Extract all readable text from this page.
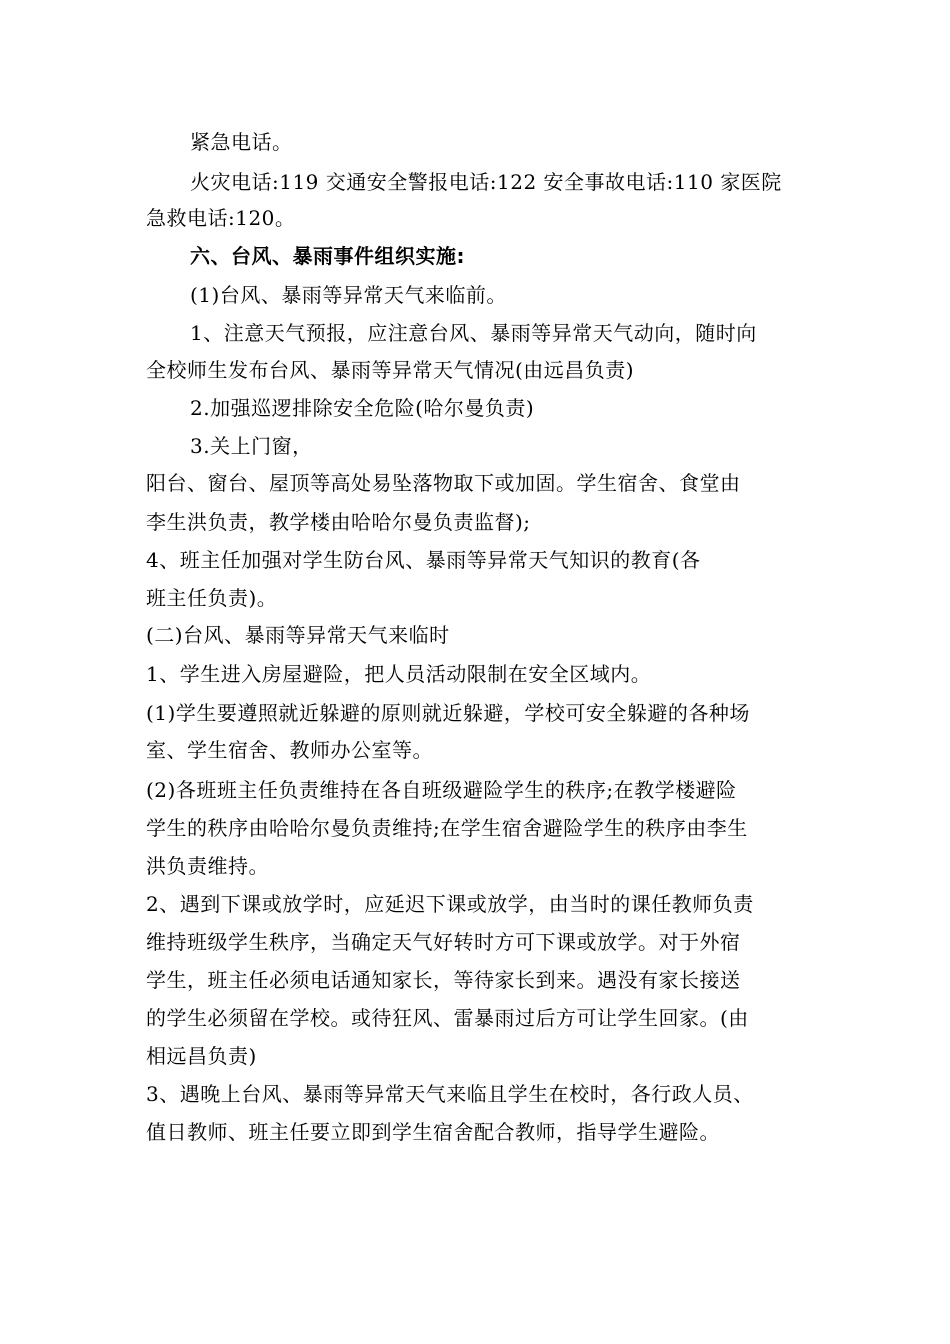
紧急电话。
火灾电话:119 交通安全警报电话:122 安全事故电话:110 家医院
急救电话:120。
六、台风、暴雨事件组织实施:
(1)台风、暴雨等异常天气来临前。
1、注意天气预报，应注意台风、暴雨等异常天气动向，随时向
全校师生发布台风、暴雨等异常天气情况(由远昌负责)
2.加强巡逻排除安全危险(哈尔曼负责)
3.关上门窗，
阳台、窗台、屋顶等高处易坠落物取下或加固。学生宿舍、食堂由
李生洪负责，教学楼由哈哈尔曼负责监督);
4、班主任加强对学生防台风、暴雨等异常天气知识的教育(各
班主任负责)。
(二)台风、暴雨等异常天气来临时
1、学生进入房屋避险，把人员活动限制在安全区域内。
(1)学生要遵照就近躲避的原则就近躲避，学校可安全躲避的各种场
室、学生宿舍、教师办公室等。
(2)各班班主任负责维持在各自班级避险学生的秩序;在教学楼避险
学生的秩序由哈哈尔曼负责维持;在学生宿舍避险学生的秩序由李生
洪负责维持。
2、遇到下课或放学时，应延迟下课或放学，由当时的课任教师负责
维持班级学生秩序，当确定天气好转时方可下课或放学。对于外宿
学生，班主任必须电话通知家长，等待家长到来。遇没有家长接送
的学生必须留在学校。或待狂风、雷暴雨过后方可让学生回家。(由
相远昌负责)
3、遇晚上台风、暴雨等异常天气来临且学生在校时，各行政人员、
值日教师、班主任要立即到学生宿舍配合教师，指导学生避险。
